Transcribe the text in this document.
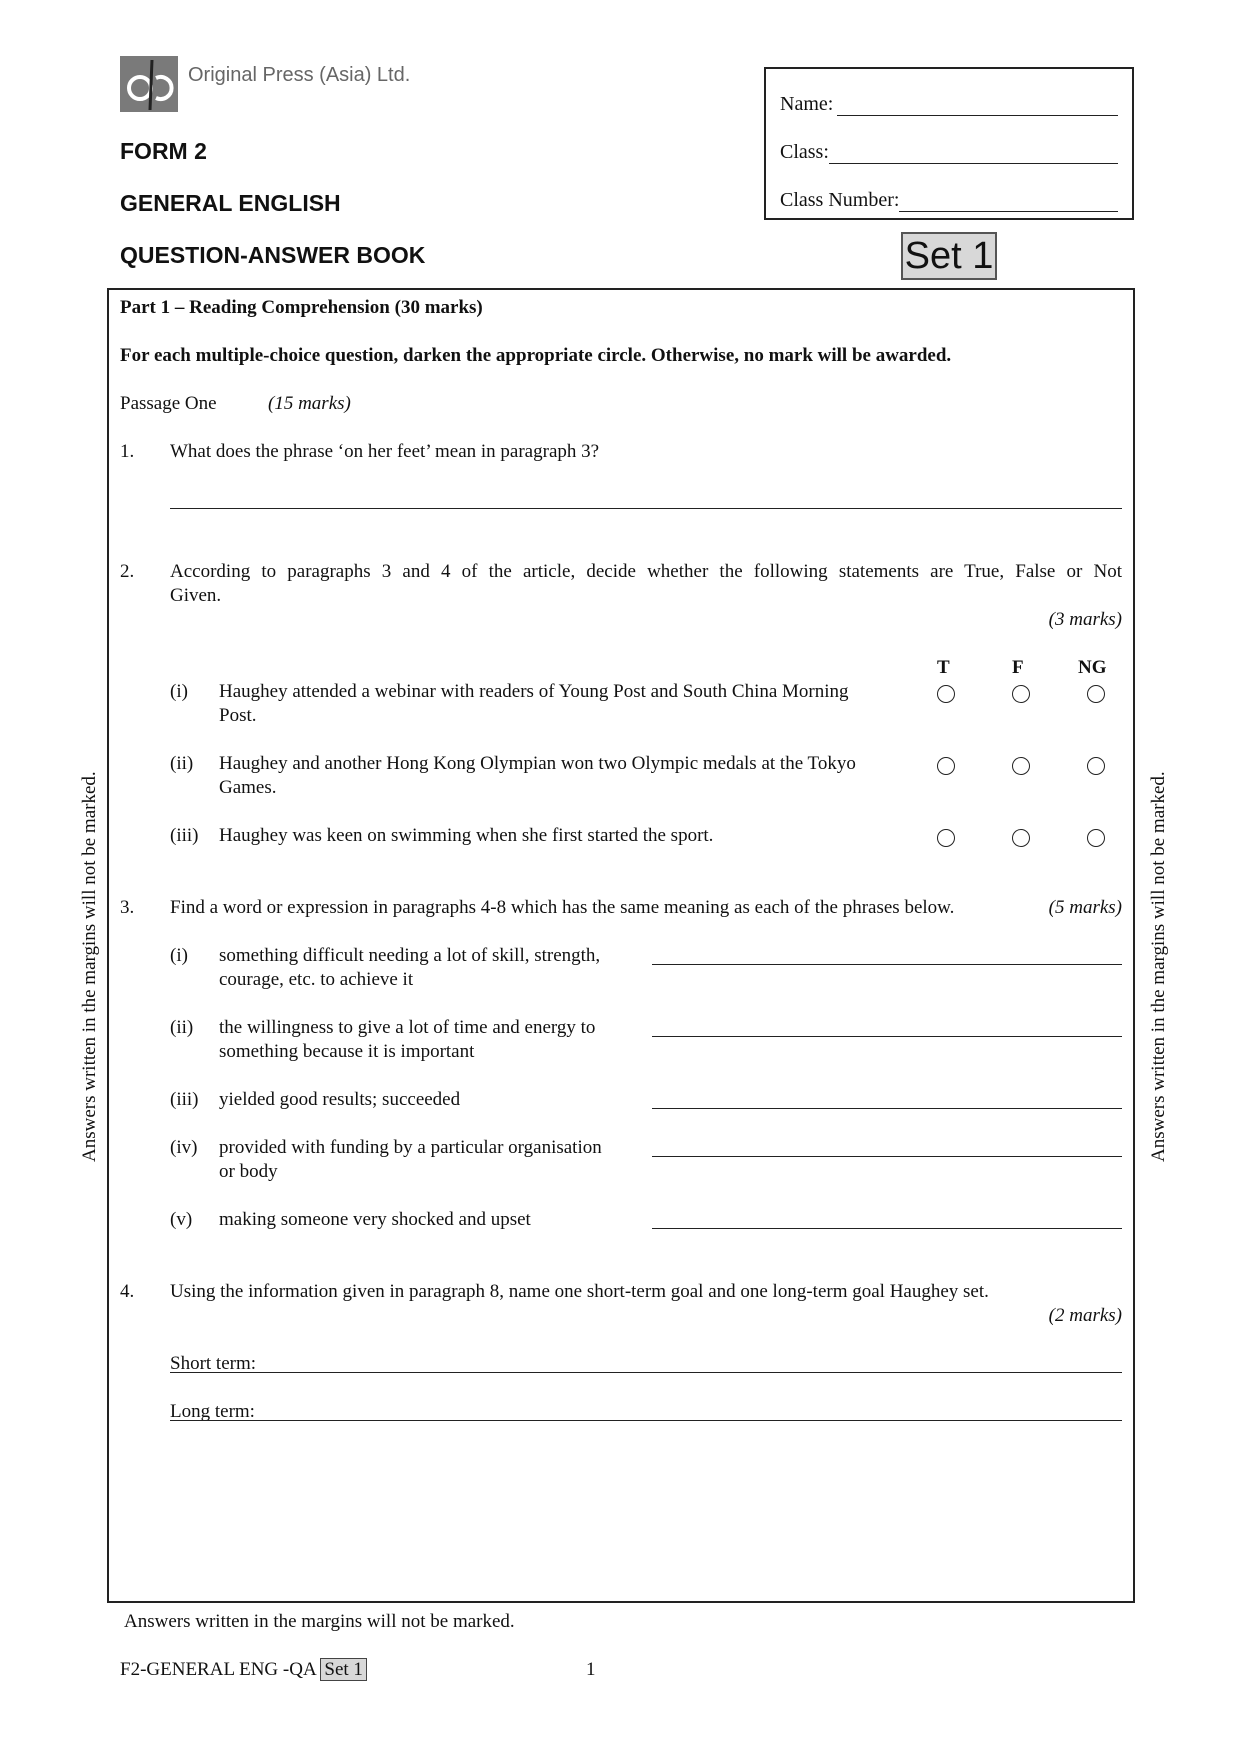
Original Press (Asia) Ltd.
FORM 2
GENERAL ENGLISH
QUESTION-ANSWER BOOK
Name:
Class:
Class Number:
Set 1
Answers written in the margins will not be marked.	Answers written in the margins will not be marked.
Part 1 – Reading Comprehension (30 marks)
For each multiple-choice question, darken the appropriate circle. Otherwise, no mark will be awarded.
Passage One	(15 marks)
1. What does the phrase ‘on her feet’ mean in paragraph 3?
2. According to paragraphs 3 and 4 of the article, decide whether the following statements are True, False or Not
Given.
(3 marks)
T	F	NG
(i) Haughey attended a webinar with readers of Young Post and South China Morning
Post.
(ii) Haughey and another Hong Kong Olympian won two Olympic medals at the Tokyo
Games.
(iii) Haughey was keen on swimming when she first started the sport.
3. Find a word or expression in paragraphs 4-8 which has the same meaning as each of the phrases below.	(5 marks)
(i) something difficult needing a lot of skill, strength,
courage, etc. to achieve it
(ii) the willingness to give a lot of time and energy to
something because it is important
(iii) yielded good results; succeeded
(iv) provided with funding by a particular organisation
or body
(v) making someone very shocked and upset
4. Using the information given in paragraph 8, name one short-term goal and one long-term goal Haughey set.
(2 marks)
Short term:
Long term:
Answers written in the margins will not be marked.
F2-GENERAL ENG -QA Set 1	1
